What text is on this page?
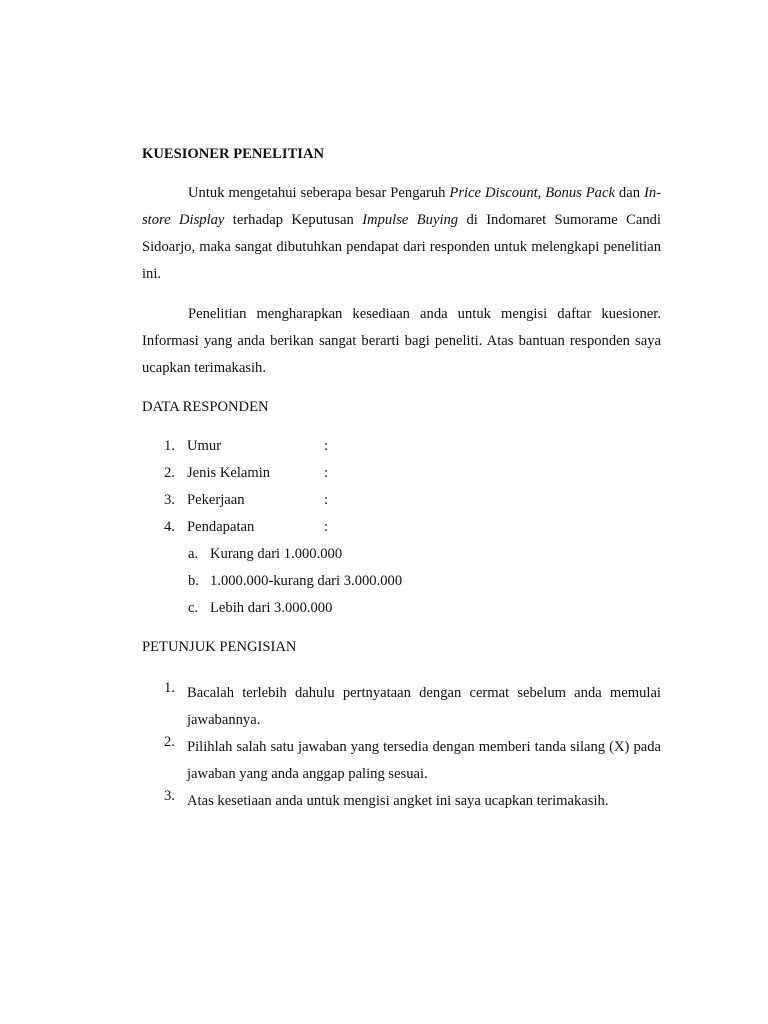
KUESIONER PENELITIAN

Untuk mengetahui seberapa besar Pengaruh Price Discount, Bonus Pack dan In-store Display terhadap Keputusan Impulse Buying di Indomaret Sumorame Candi Sidoarjo, maka sangat dibutuhkan pendapat dari responden untuk melengkapi penelitian ini.

Penelitian mengharapkan kesediaan anda untuk mengisi daftar kuesioner. Informasi yang anda berikan sangat berarti bagi peneliti. Atas bantuan responden saya ucapkan terimakasih.

DATA RESPONDEN
1. Umur	:
2. Jenis Kelamin	:
3. Pekerjaan	:
4. Pendapatan	:
a. Kurang dari 1.000.000
b. 1.000.000-kurang dari 3.000.000
c. Lebih dari 3.000.000
PETUNJUK PENGISIAN
1. Bacalah terlebih dahulu pertnyataan dengan cermat sebelum anda memulai jawabannya.
2. Pilihlah salah satu jawaban yang tersedia dengan memberi tanda silang (X) pada jawaban yang anda anggap paling sesuai.
3. Atas kesetiaan anda untuk mengisi angket ini saya ucapkan terimakasih.
